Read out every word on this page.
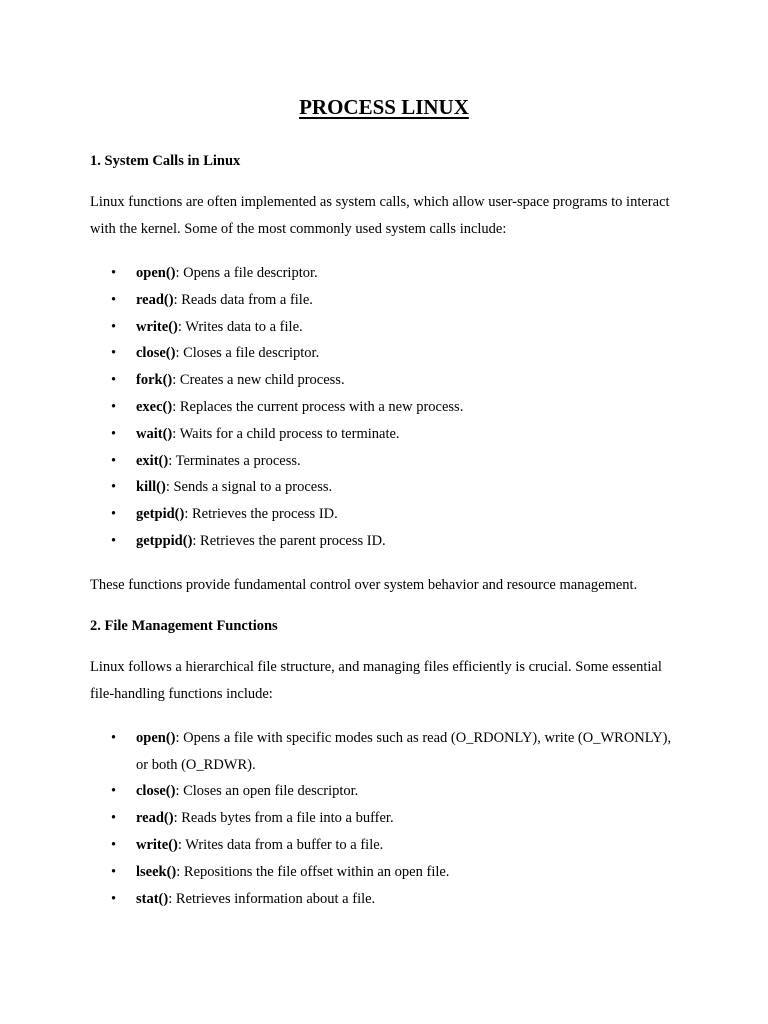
PROCESS LINUX
1. System Calls in Linux

Linux functions are often implemented as system calls, which allow user-space programs to interact with the kernel. Some of the most commonly used system calls include:

• open(): Opens a file descriptor.
• read(): Reads data from a file.
• write(): Writes data to a file.
• close(): Closes a file descriptor.
• fork(): Creates a new child process.
• exec(): Replaces the current process with a new process.
• wait(): Waits for a child process to terminate.
• exit(): Terminates a process.
• kill(): Sends a signal to a process.
• getpid(): Retrieves the process ID.
• getppid(): Retrieves the parent process ID.

These functions provide fundamental control over system behavior and resource management.

2. File Management Functions

Linux follows a hierarchical file structure, and managing files efficiently is crucial. Some essential file-handling functions include:

• open(): Opens a file with specific modes such as read (O_RDONLY), write (O_WRONLY), or both (O_RDWR).
• close(): Closes an open file descriptor.
• read(): Reads bytes from a file into a buffer.
• write(): Writes data from a buffer to a file.
• lseek(): Repositions the file offset within an open file.
• stat(): Retrieves information about a file.
